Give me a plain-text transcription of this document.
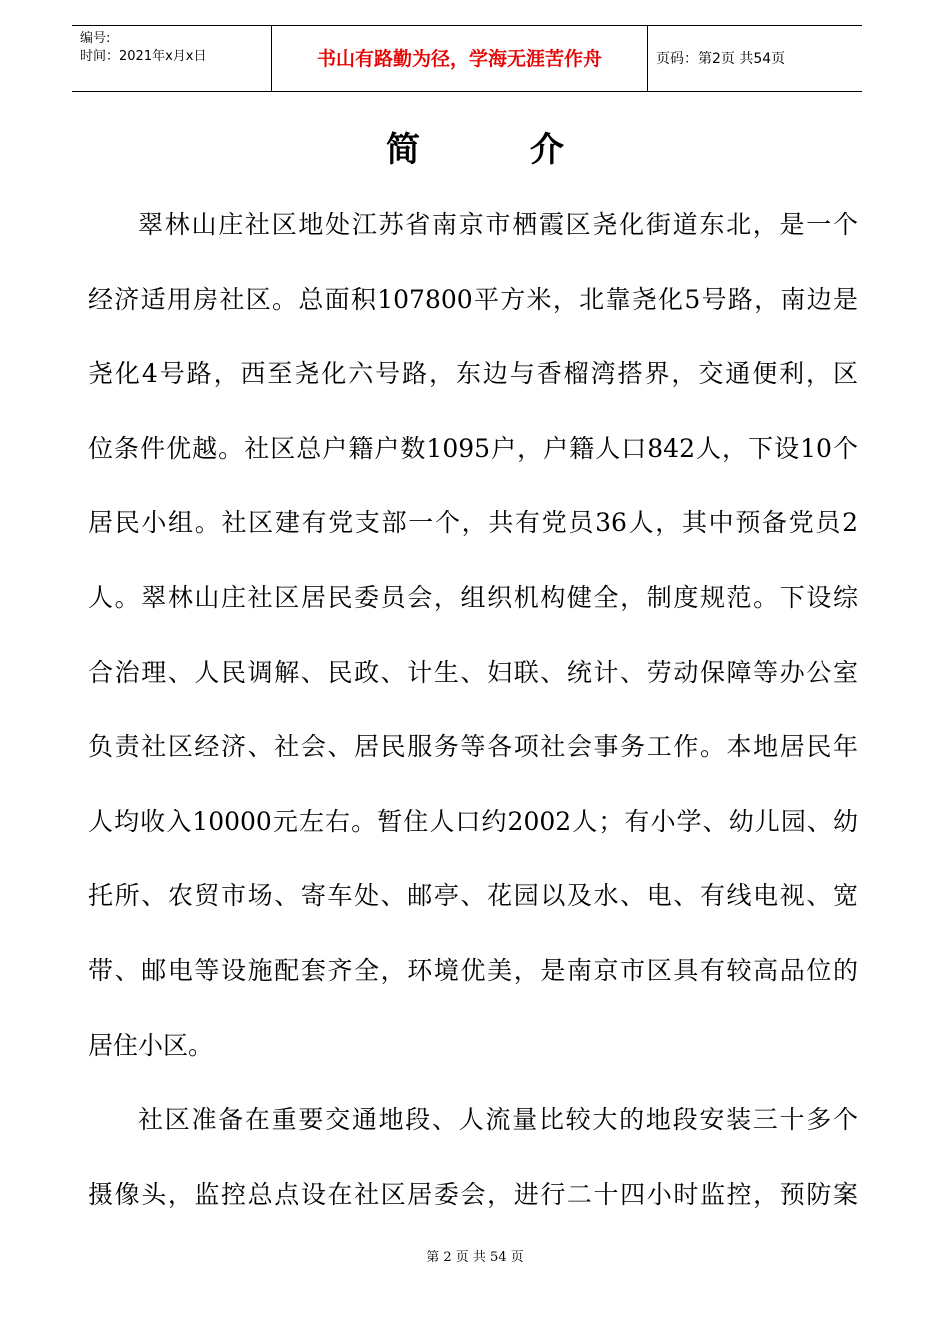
编号:
时间：2021年x月x日	书山有路勤为径，学海无涯苦作舟	页码：第2页 共54页
简介
翠林山庄社区地处江苏省南京市栖霞区尧化街道东北，是一个
经济适用房社区。总面积107800平方米，北靠尧化5号路，南边是
尧化4号路，西至尧化六号路，东边与香榴湾搭界，交通便利，区
位条件优越。社区总户籍户数1095户，户籍人口842人，下设10个
居民小组。社区建有党支部一个，共有党员36人，其中预备党员2
人。翠林山庄社区居民委员会，组织机构健全，制度规范。下设综
合治理、人民调解、民政、计生、妇联、统计、劳动保障等办公室
负责社区经济、社会、居民服务等各项社会事务工作。本地居民年
人均收入10000元左右。暂住人口约2002人；有小学、幼儿园、幼
托所、农贸市场、寄车处、邮亭、花园以及水、电、有线电视、宽
带、邮电等设施配套齐全，环境优美，是南京市区具有较高品位的
居住小区。
社区准备在重要交通地段、人流量比较大的地段安装三十多个
摄像头，监控总点设在社区居委会，进行二十四小时监控，预防案
第 2 页 共 54 页
